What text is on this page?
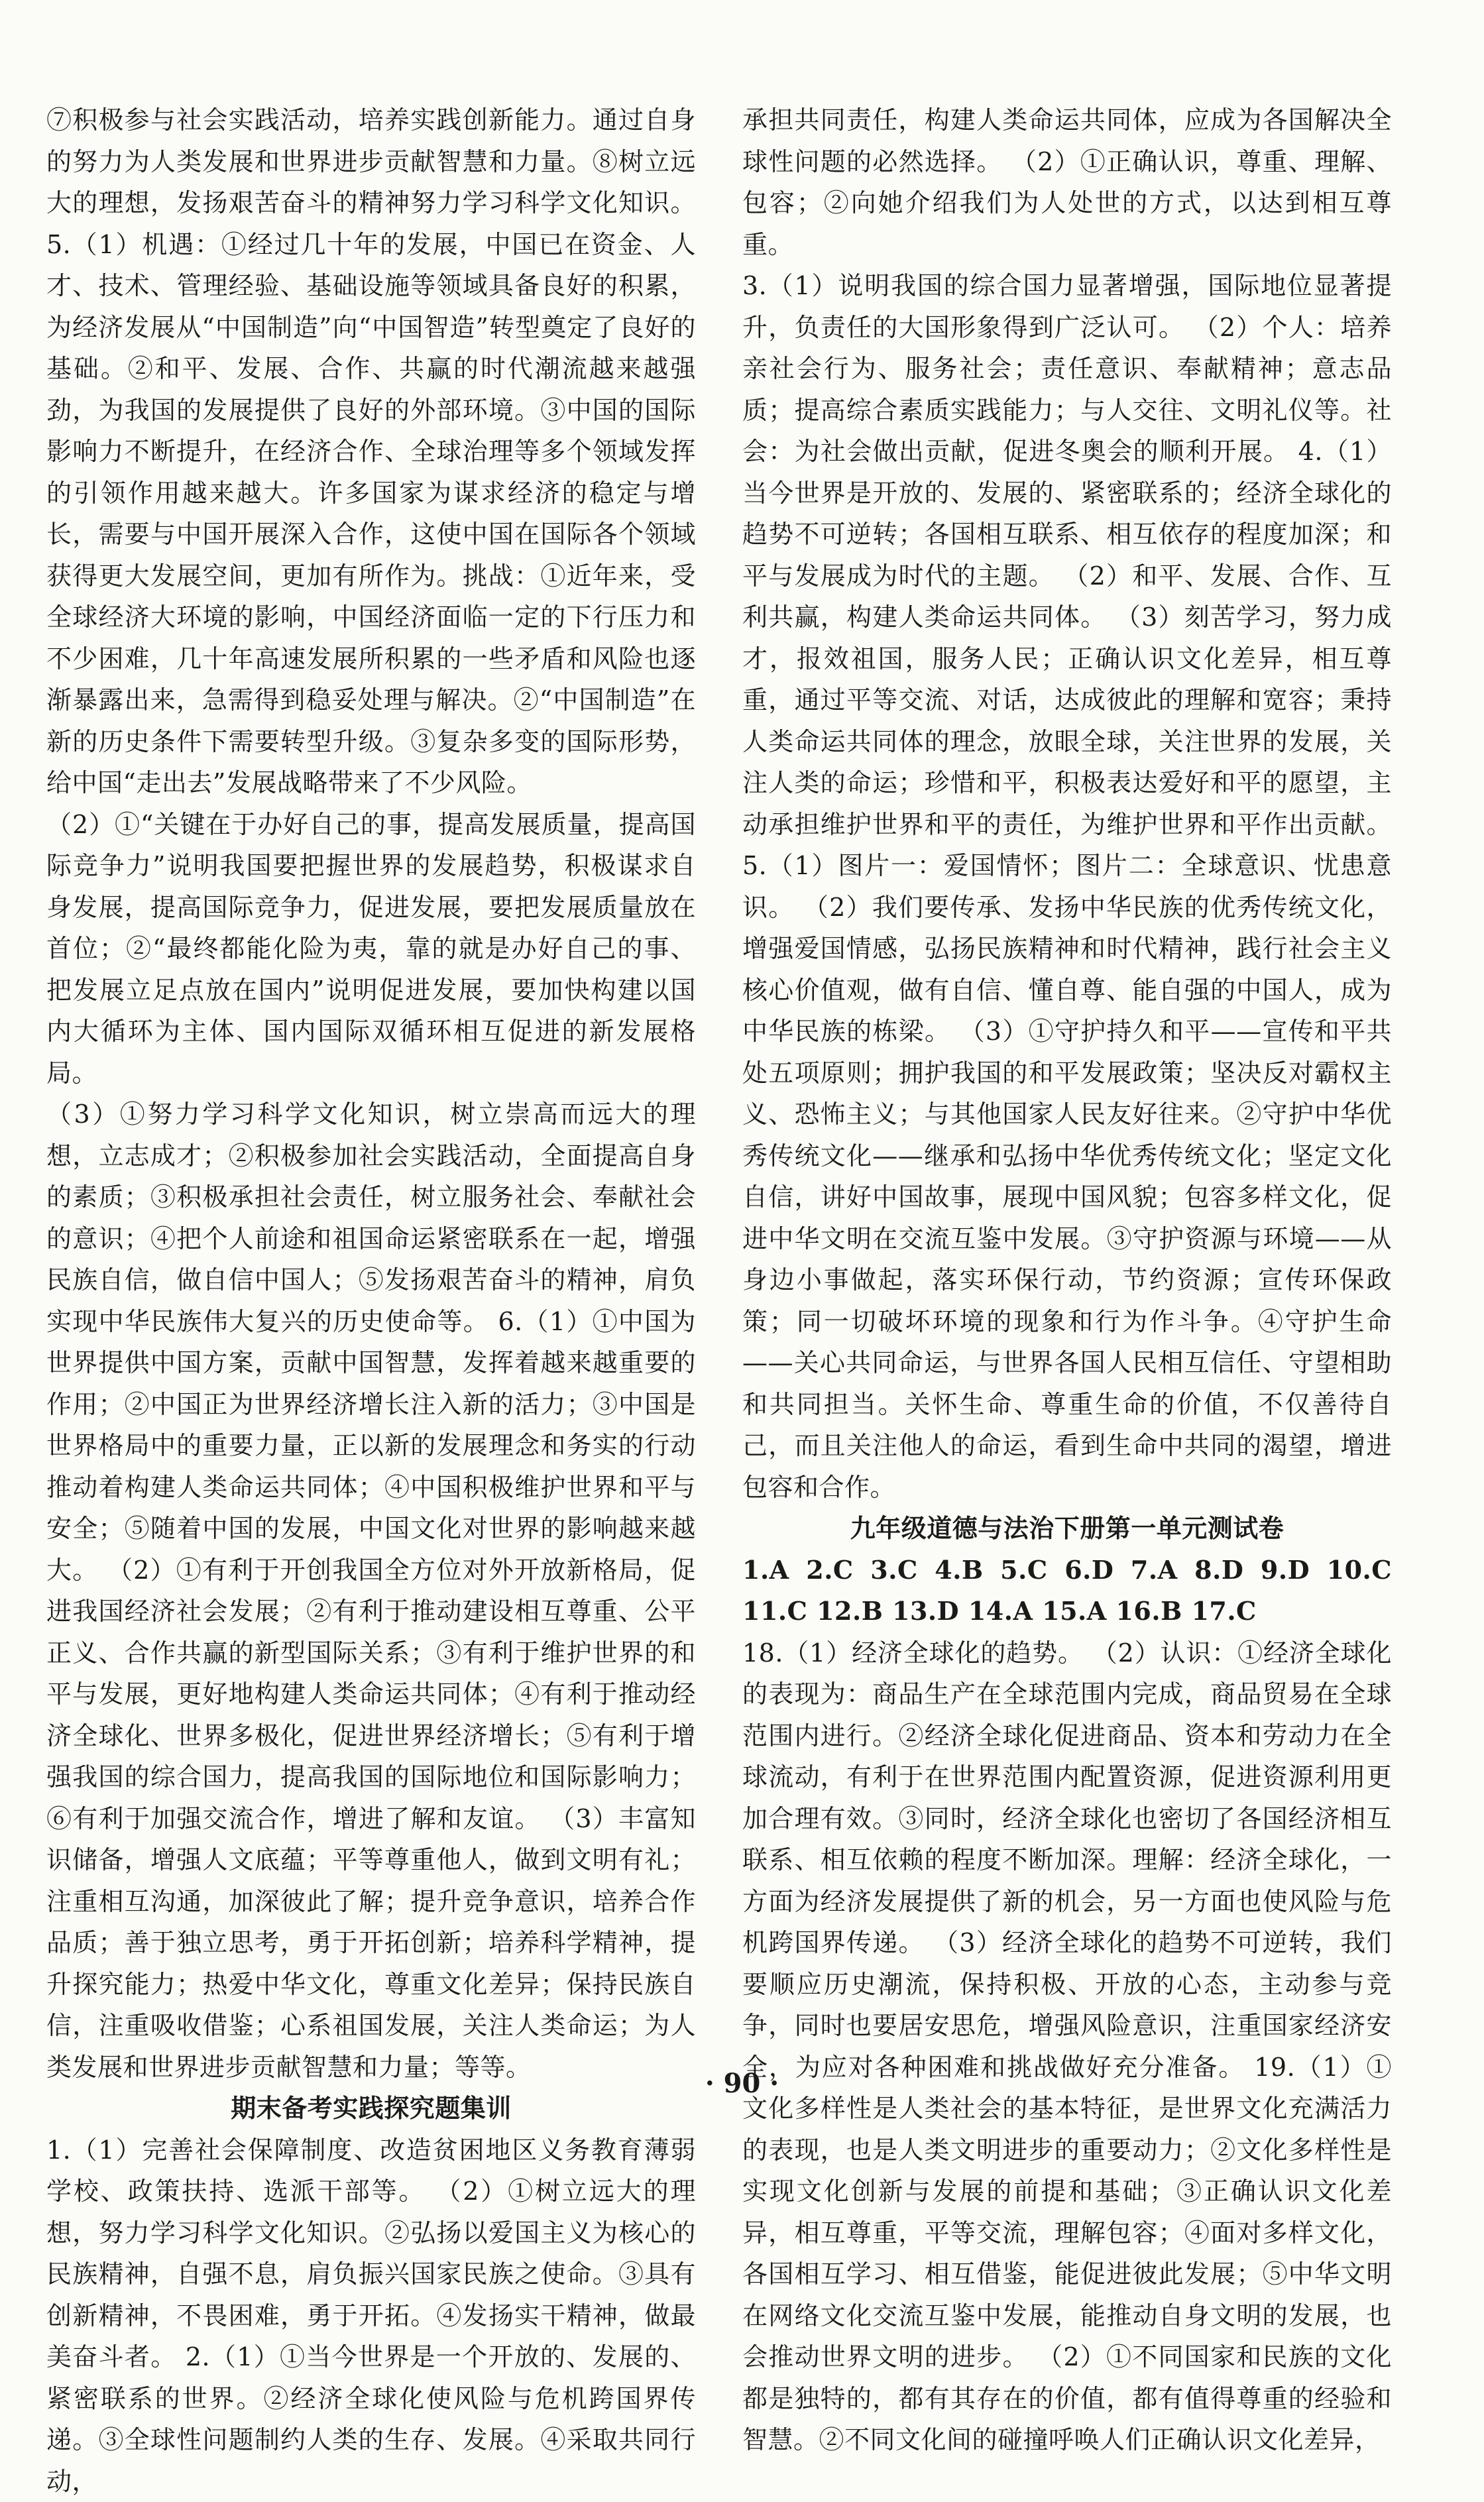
⑦积极参与社会实践活动，培养实践创新能力。通过自身的努力为人类发展和世界进步贡献智慧和力量。⑧树立远大的理想，发扬艰苦奋斗的精神努力学习科学文化知识。 5.（1）机遇：①经过几十年的发展，中国已在资金、人才、技术、管理经验、基础设施等领域具备良好的积累，为经济发展从“中国制造”向“中国智造”转型奠定了良好的基础。②和平、发展、合作、共赢的时代潮流越来越强劲，为我国的发展提供了良好的外部环境。③中国的国际影响力不断提升，在经济合作、全球治理等多个领域发挥的引领作用越来越大。许多国家为谋求经济的稳定与增长，需要与中国开展深入合作，这使中国在国际各个领域获得更大发展空间，更加有所作为。挑战：①近年来，受全球经济大环境的影响，中国经济面临一定的下行压力和不少困难，几十年高速发展所积累的一些矛盾和风险也逐渐暴露出来，急需得到稳妥处理与解决。②“中国制造”在新的历史条件下需要转型升级。③复杂多变的国际形势，给中国“走出去”发展战略带来了不少风险。

（2）①“关键在于办好自己的事，提高发展质量，提高国际竞争力”说明我国要把握世界的发展趋势，积极谋求自身发展，提高国际竞争力，促进发展，要把发展质量放在首位；②“最终都能化险为夷，靠的就是办好自己的事、把发展立足点放在国内”说明促进发展，要加快构建以国内大循环为主体、国内国际双循环相互促进的新发展格局。

（3）①努力学习科学文化知识，树立崇高而远大的理想，立志成才；②积极参加社会实践活动，全面提高自身的素质；③积极承担社会责任，树立服务社会、奉献社会的意识；④把个人前途和祖国命运紧密联系在一起，增强民族自信，做自信中国人；⑤发扬艰苦奋斗的精神，肩负实现中华民族伟大复兴的历史使命等。 6.（1）①中国为世界提供中国方案，贡献中国智慧，发挥着越来越重要的作用；②中国正为世界经济增长注入新的活力；③中国是世界格局中的重要力量，正以新的发展理念和务实的行动推动着构建人类命运共同体；④中国积极维护世界和平与安全；⑤随着中国的发展，中国文化对世界的影响越来越大。 （2）①有利于开创我国全方位对外开放新格局，促进我国经济社会发展；②有利于推动建设相互尊重、公平正义、合作共赢的新型国际关系；③有利于维护世界的和平与发展，更好地构建人类命运共同体；④有利于推动经济全球化、世界多极化，促进世界经济增长；⑤有利于增强我国的综合国力，提高我国的国际地位和国际影响力；⑥有利于加强交流合作，增进了解和友谊。 （3）丰富知识储备，增强人文底蕴；平等尊重他人，做到文明有礼；注重相互沟通，加深彼此了解；提升竞争意识，培养合作品质；善于独立思考，勇于开拓创新；培养科学精神，提升探究能力；热爱中华文化，尊重文化差异；保持民族自信，注重吸收借鉴；心系祖国发展，关注人类命运；为人类发展和世界进步贡献智慧和力量；等等。

期末备考实践探究题集训

1.（1）完善社会保障制度、改造贫困地区义务教育薄弱学校、政策扶持、选派干部等。 （2）①树立远大的理想，努力学习科学文化知识。②弘扬以爱国主义为核心的民族精神，自强不息，肩负振兴国家民族之使命。③具有创新精神，不畏困难，勇于开拓。④发扬实干精神，做最美奋斗者。 2.（1）①当今世界是一个开放的、发展的、紧密联系的世界。②经济全球化使风险与危机跨国界传递。③全球性问题制约人类的生存、发展。④采取共同行动，

承担共同责任，构建人类命运共同体，应成为各国解决全球性问题的必然选择。 （2）①正确认识，尊重、理解、包容；②向她介绍我们为人处世的方式，以达到相互尊重。

3.（1）说明我国的综合国力显著增强，国际地位显著提升，负责任的大国形象得到广泛认可。 （2）个人：培养亲社会行为、服务社会；责任意识、奉献精神；意志品质；提高综合素质实践能力；与人交往、文明礼仪等。社会：为社会做出贡献，促进冬奥会的顺利开展。 4.（1）当今世界是开放的、发展的、紧密联系的；经济全球化的趋势不可逆转；各国相互联系、相互依存的程度加深；和平与发展成为时代的主题。 （2）和平、发展、合作、互利共赢，构建人类命运共同体。 （3）刻苦学习，努力成才，报效祖国，服务人民；正确认识文化差异，相互尊重，通过平等交流、对话，达成彼此的理解和宽容；秉持人类命运共同体的理念，放眼全球，关注世界的发展，关注人类的命运；珍惜和平，积极表达爱好和平的愿望，主动承担维护世界和平的责任，为维护世界和平作出贡献。 5.（1）图片一：爱国情怀；图片二：全球意识、忧患意识。 （2）我们要传承、发扬中华民族的优秀传统文化，增强爱国情感，弘扬民族精神和时代精神，践行社会主义核心价值观，做有自信、懂自尊、能自强的中国人，成为中华民族的栋梁。 （3）①守护持久和平——宣传和平共处五项原则；拥护我国的和平发展政策；坚决反对霸权主义、恐怖主义；与其他国家人民友好往来。②守护中华优秀传统文化——继承和弘扬中华优秀传统文化；坚定文化自信，讲好中国故事，展现中国风貌；包容多样文化，促进中华文明在交流互鉴中发展。③守护资源与环境——从身边小事做起，落实环保行动，节约资源；宣传环保政策；同一切破坏环境的现象和行为作斗争。④守护生命——关心共同命运，与世界各国人民相互信任、守望相助和共同担当。关怀生命、尊重生命的价值，不仅善待自己，而且关注他人的命运，看到生命中共同的渴望，增进包容和合作。

九年级道德与法治下册第一单元测试卷

1.A 2.C 3.C 4.B 5.C 6.D 7.A 8.D 9.D 10.C 11.C 12.B 13.D 14.A 15.A 16.B 17.C

18.（1）经济全球化的趋势。 （2）认识：①经济全球化的表现为：商品生产在全球范围内完成，商品贸易在全球范围内进行。②经济全球化促进商品、资本和劳动力在全球流动，有利于在世界范围内配置资源，促进资源利用更加合理有效。③同时，经济全球化也密切了各国经济相互联系、相互依赖的程度不断加深。理解：经济全球化，一方面为经济发展提供了新的机会，另一方面也使风险与危机跨国界传递。 （3）经济全球化的趋势不可逆转，我们要顺应历史潮流，保持积极、开放的心态，主动参与竞争，同时也要居安思危，增强风险意识，注重国家经济安全，为应对各种困难和挑战做好充分准备。 19.（1）①文化多样性是人类社会的基本特征，是世界文化充满活力的表现，也是人类文明进步的重要动力；②文化多样性是实现文化创新与发展的前提和基础；③正确认识文化差异，相互尊重，平等交流，理解包容；④面对多样文化，各国相互学习、相互借鉴，能促进彼此发展；⑤中华文明在网络文化交流互鉴中发展，能推动自身文明的发展，也会推动世界文明的进步。 （2）①不同国家和民族的文化都是独特的，都有其存在的价值，都有值得尊重的经验和智慧。②不同文化间的碰撞呼唤人们正确认识文化差异，

· 90 ·
